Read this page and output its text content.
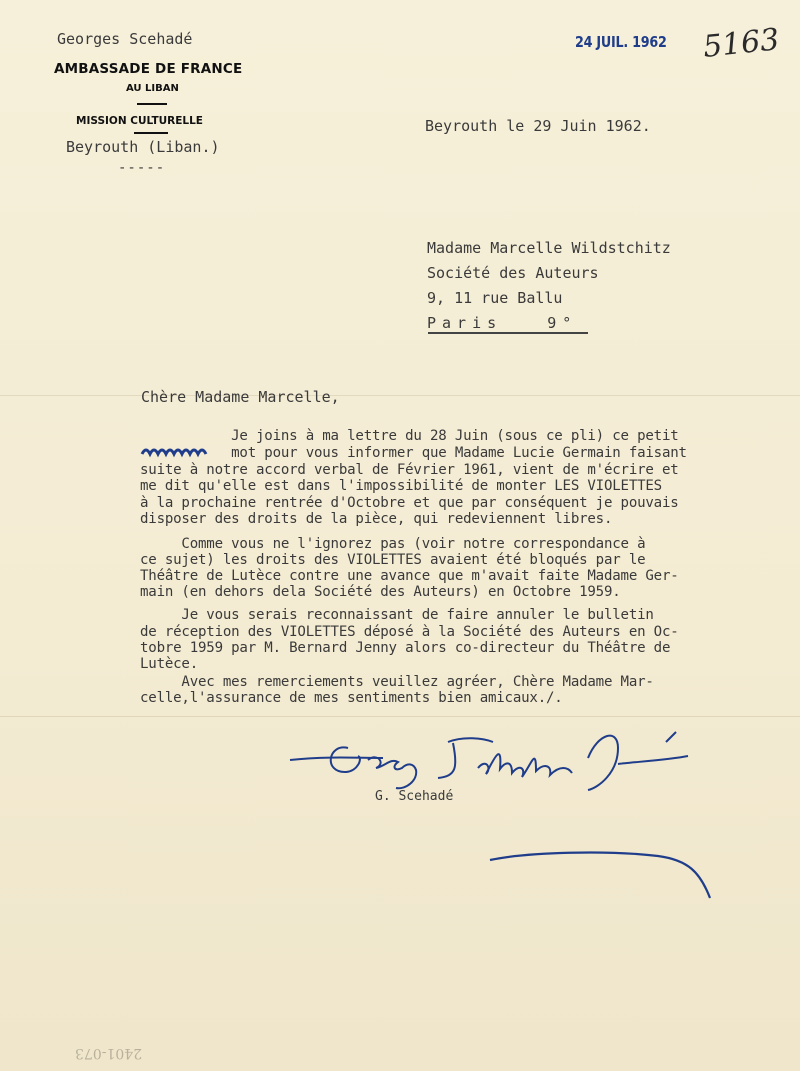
Georges Scehadé
AMBASSADE DE FRANCE
AU LIBAN
MISSION CULTURELLE
Beyrouth (Liban.)
-----
24 JUIL. 1962 5163
Beyrouth le 29 Juin 1962.
Madame Marcelle Wildstchitz
Société des Auteurs
9, 11 rue Ballu
Paris   9°
Chère Madame Marcelle,
Je joins à ma lettre du 28 Juin (sous ce pli) ce petit
mot pour vous informer que Madame Lucie Germain faisant
suite à notre accord verbal de Février 1961, vient de m'écrire et
me dit qu'elle est dans l'impossibilité de monter LES VIOLETTES
à la prochaine rentrée d'Octobre et que par conséquent je pouvais
disposer des droits de la pièce, qui redeviennent libres.
Comme vous ne l'ignorez pas (voir notre correspondance à
ce sujet) les droits des VIOLETTES avaient été bloqués par le
Théâtre de Lutèce contre une avance que m'avait faite Madame Ger-
main (en dehors dela Société des Auteurs) en Octobre 1959.
Je vous serais reconnaissant de faire annuler le bulletin
de réception des VIOLETTES déposé à la Société des Auteurs en Oc-
tobre 1959 par M. Bernard Jenny alors co-directeur du Théâtre de
Lutèce.
Avec mes remerciements veuillez agréer, Chère Madame Mar-
celle,l'assurance de mes sentiments bien amicaux./.
G. Scehadé
2401-073
